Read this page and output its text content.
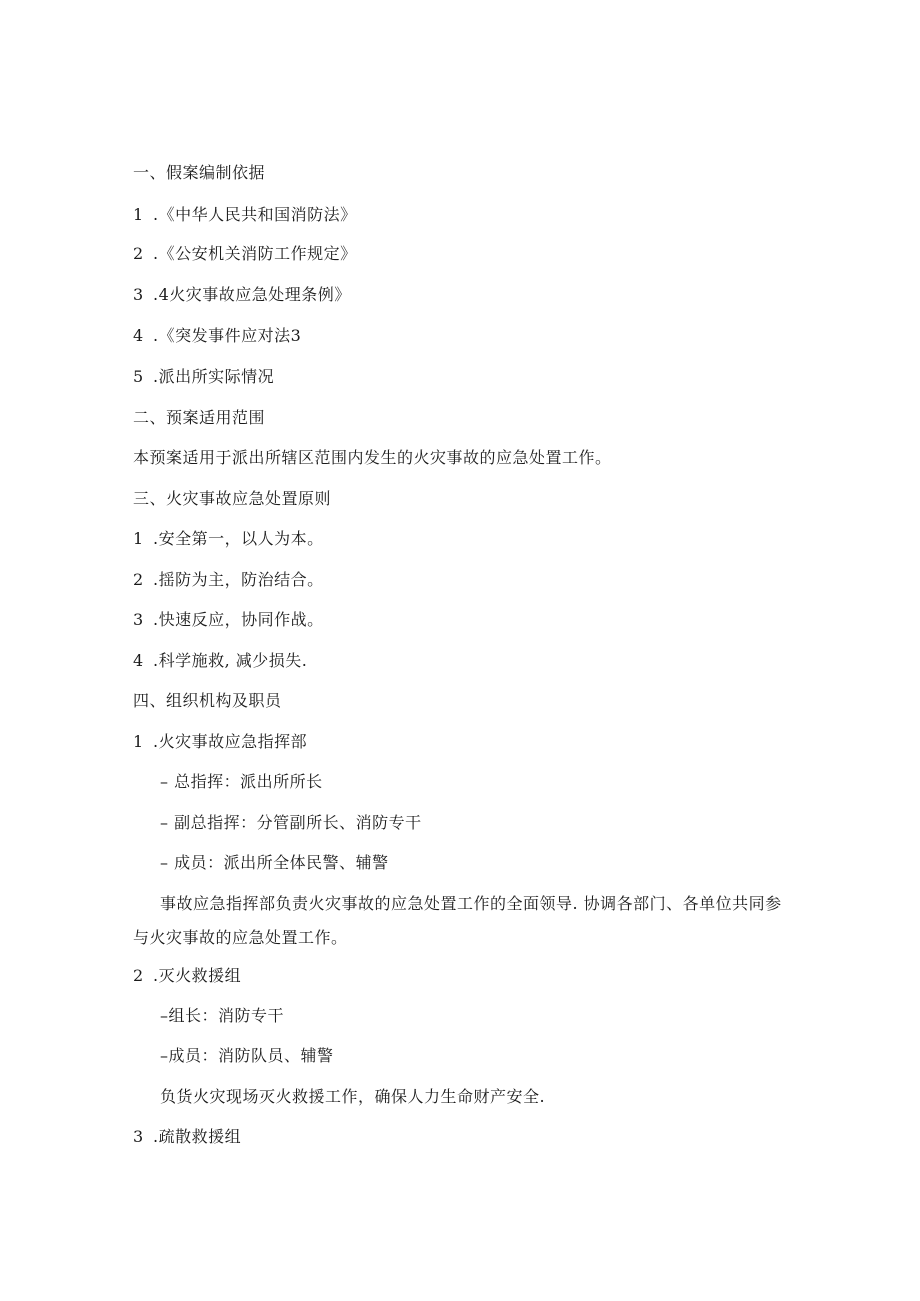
一、假案编制依据
1 .《中华人民共和国消防法》
2 .《公安机关消防工作规定》
3 .4火灾事故应急处理条例》
4 .《突发事件应对法3
5 .派出所实际情况
二、预案适用范围
本预案适用于派出所辖区范围内发生的火灾事故的应急处置工作。
三、火灾事故应急处置原则
1 .安全第一，以人为本。
2 .揺防为主，防治结合。
3 .快速反应，协同作战。
4 .科学施救, 减少损失.
四、组织机构及职员
1 .火灾事故应急指挥部
– 总指挥：派出所所长
– 副总指挥：分管副所长、消防专干
– 成员：派出所全体民警、辅警
事故应急指挥部负责火灾事故的应急处置工作的全面领导. 协调各部门、各单位共同参与火灾事故的应急处置工作。
2 .灭火救援组
–组长：消防专干
–成员：消防队员、辅警
负货火灾现场灭火救援工作，确保人力生命财产安全.
3 .疏散救援组
